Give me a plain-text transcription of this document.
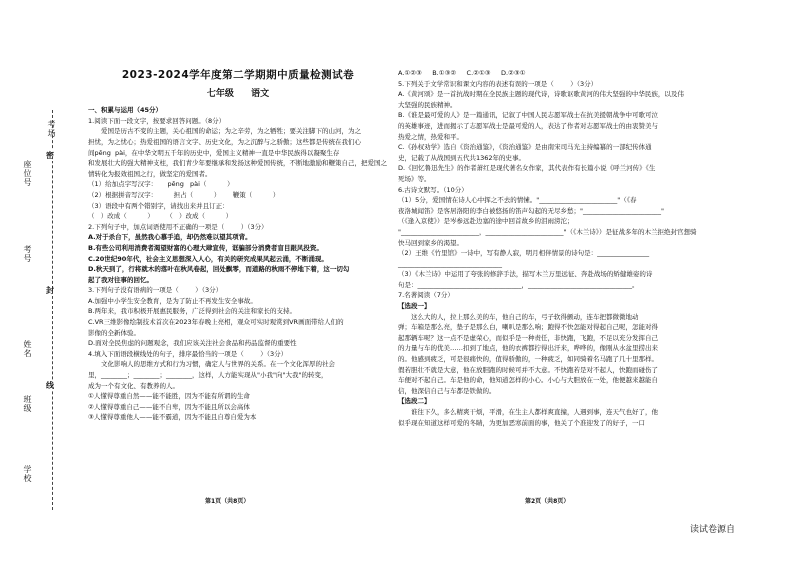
座位号
考场
考号
姓名
班级
学校
密
封
线
2023-2024学年度第二学期期中质量检测试卷
七年级 语文

一、积累与运用（45分）

1.阅读下面一段文字，按要求回答问题。（8分）

爱国是历古不变的主题，关心祖国的命运；为之辛劳，为之牺牲；要关注脚下的山河，为之

担忧，为之忧心；热爱祖国的语言文字、历史文化，为之沉醉与之骄傲；这些都是传统在我们心

间pēng  pài，在中华文明五千年的历史中，爱国主义精神一直是中华民族得以凝聚生存

和发展壮大的强大精神支柱，我们青少年要继承和发扬这种爱国传统，不断地激励和鞭策自己，把爱国之

情转化为报效祖国之行，做坚定的爱国者。

（1）给加点字写汉字：     pēng   pài（          ）

（2）根据拼音写汉字：        担占（          ）      鞭策（          ）

（3）语段中有两个错别字，请找出来并且订正：

（   ）改成（          ）      （   ）改成（          ）

2.下列句子中，加点词语使用不正确的一项是（        ）（3分）

A.对于杀台下，虽然我心慕手追，却仍然难以望其项背。

B.有些公司利用消费者渴望财富的心理大肆宣传，诓骗部分消费者盲目跟风投资。

C.20世纪90年代，社会主义思想深入人心，有关的研究成果风起云涌，不断涌现。

D.秋天到了，行将就木的落叶在秋风卷起，回处飘零，而道路的秋雨不停地下着，这一切勾

起了我对往事的回忆。

3.下列句子没有语病的一项是（        ）（3分）

A.加强中小学生安全教育，是为了防止不再发生安全事故。

B.两年来，我市积极开展惠民服务，广泛得到社会的关注和家长的支持。

C.VR三维影像绘制技术首次在2023年春晚上亮相，观众可实时观赏到VR画面带给人们的

影像的全新体验。

D.面对全民焦虑的问题观念，我们应该关注社会食品和药品监督的重要性

4.填入下面语段横线处的句子，排序最恰当的一项是（        ）（3分）

文化影响人的思维方式和行为习惯，确定人与世界的关系。在一个文化浑厚的社会

里，________；________；________，这样，人方能实现从"小我"向"大我"的转变，

成为一个有文化、有教养的人。

①人懂得尊重自然——能不能胜，因为不能有所谓的生命

②人懂得尊重自己——能不自卑，因为不能且所以会高体

③人懂得尊重他人——能不霸道，因为不能且自尊自爱为本

A.①②③     B.①③②     C.②①③     D.②③①

5.下列关于文学常识和课文内容的表述有误的一项是（        ）（3分）

A.《黄河颂》是一首抗战时期在全民族主题的现代诗，诗歌讴歌黄河的伟大坚强的中华民族，以及伟

大坚强的民族精神。

B.《谁是最可爱的人》是一篇通讯，记叙了中国人民志愿军战士在抗美援朝战争中可歌可泣

的英雄事迹，进而揭示了志愿军战士是最可爱的人，表达了作者对志愿军战士的由衷赞美与

热爱之情，热爱和平。

C.《孙权劝学》选自《资治通鉴》，《资治通鉴》是由南宋司马光主持编纂的一部纪传体通

史，记载了从战国到五代共1362年的史事。

D.《回忆鲁迅先生》的作者萧红是现代著名女作家，其代表作有长篇小说《呼兰河传》《生

死场》等。

6.古诗文默写。（10分）

（1）5分，爱国情在诗人心中挥之不去的情愫。"________________________"（《春

夜洛城闻笛》是客居洛阳的李白被悠扬的笛声勾起的无尽乡愁；"________________________"

（《逢入京使》）是岑参远赴边塞的途中回首故乡的泪雨滂沱；

"________________________，________________________"（《木兰诗》）是征战多年的木兰拒绝封官想骑

快马回到家乡的渴望。

（2）王维《竹里馆》一诗中，写有静人寂，明月相伴情景的诗句是：________________

________________________________

（3）《木兰诗》中运用了夸张的修辞手法，描写木兰万里远征、奔赴战场的矫健雄姿的诗

句是：________________________________，________________________________。

7.名著阅读（7分）

【选段一】

这么大的人，拉上那么美的车，他自己的车，弓子软得颤动，连车把都微微地动

弹；车箱是那么亮，垫子是那么白，喇叭是那么响；跑得不快怎能对得起自己呢，怎能对得

起那辆车呢？这一点不是虚荣心，而似乎是一种责任，非快跑，飞跑，不足以充分发挥自己

的力量与车的优美……扣到了地点，他的衣裤都拧得出汗来，哗哗的，像刚从水盆里捞出来

的。他感到疲乏，可是很痛快的，值得骄傲的，一种疲乏，如同骑着名马跑了几十里那样。

假若胆壮不就是大意，他在放胆跑的时候可并不大意。不快跑若是对不起人，快跑而碰伤了

车便对不起自己。车是他的命，他知道怎样的小心。小心与大胆放在一处，他便越来越能自

信，他深信自己与车都是铁做的。

【选段二】

谁往下久，多么精爽干烦，平滑，在生主人都样爽直撞，人遇到事，连天气也好了，他

似乎现在知道这样可爱的冬睛，为更加恶寒前面的事，他关了个准迎发了的好子，一口

第1页（共8页）	第2页（共8页）
读试卷源自
